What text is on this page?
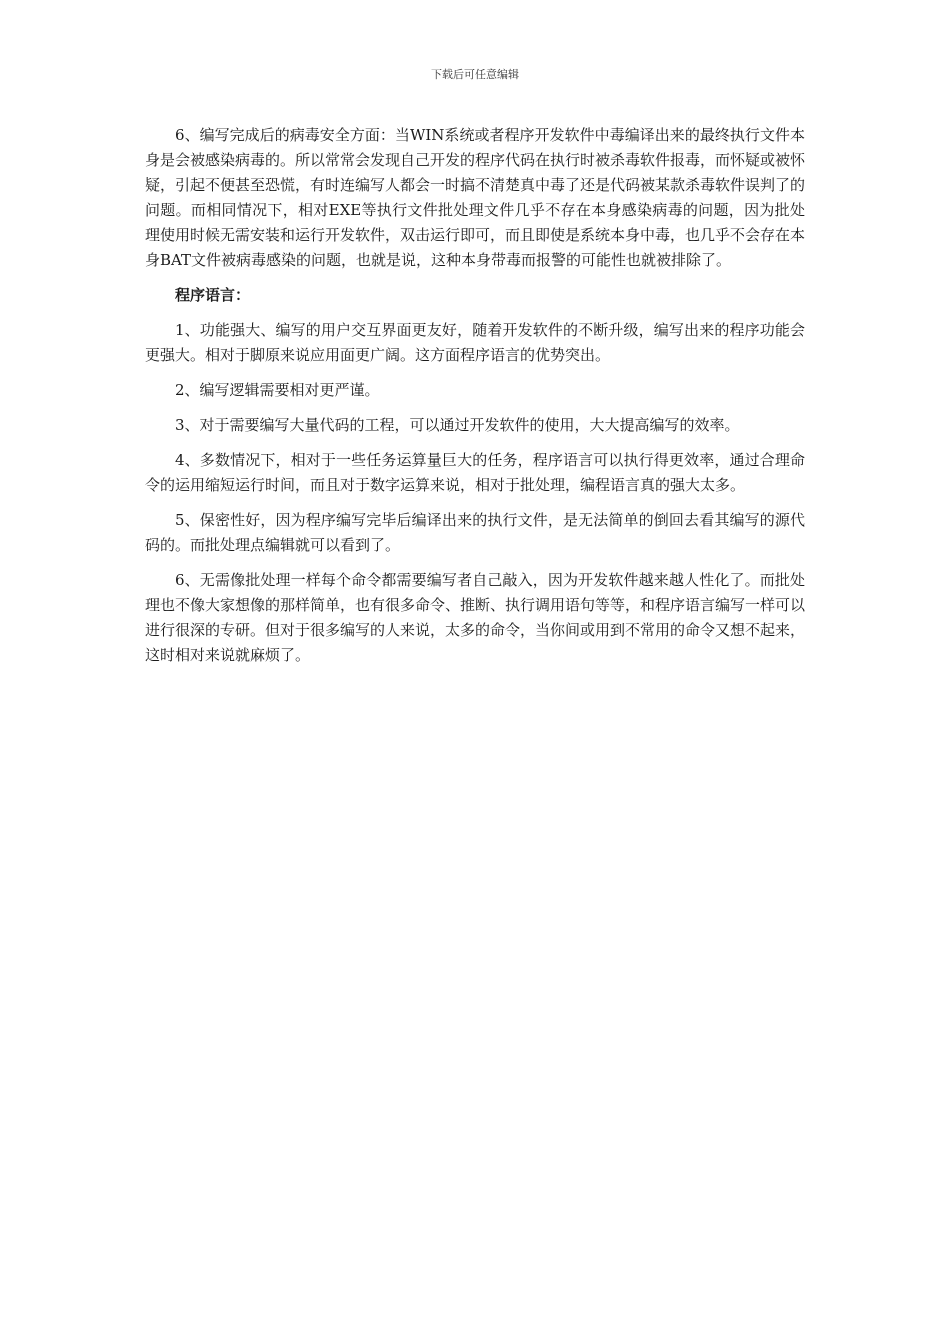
下载后可任意编辑

6、编写完成后的病毒安全方面：当WIN系统或者程序开发软件中毒编译出来的最终执行文件本身是会被感染病毒的。所以常常会发现自己开发的程序代码在执行时被杀毒软件报毒，而怀疑或被怀疑，引起不便甚至恐慌，有时连编写人都会一时搞不清楚真中毒了还是代码被某款杀毒软件误判了的问题。而相同情况下，相对EXE等执行文件批处理文件几乎不存在本身感染病毒的问题，因为批处理使用时候无需安装和运行开发软件，双击运行即可，而且即使是系统本身中毒，也几乎不会存在本身BAT文件被病毒感染的问题，也就是说，这种本身带毒而报警的可能性也就被排除了。

程序语言：

1、功能强大、编写的用户交互界面更友好，随着开发软件的不断升级，编写出来的程序功能会更强大。相对于脚原来说应用面更广阔。这方面程序语言的优势突出。

2、编写逻辑需要相对更严谨。

3、对于需要编写大量代码的工程，可以通过开发软件的使用，大大提高编写的效率。

4、多数情况下，相对于一些任务运算量巨大的任务，程序语言可以执行得更效率，通过合理命令的运用缩短运行时间，而且对于数字运算来说，相对于批处理，编程语言真的强大太多。

5、保密性好，因为程序编写完毕后编译出来的执行文件，是无法简单的倒回去看其编写的源代码的。而批处理点编辑就可以看到了。

6、无需像批处理一样每个命令都需要编写者自己敲入，因为开发软件越来越人性化了。而批处理也不像大家想像的那样简单，也有很多命令、推断、执行调用语句等等，和程序语言编写一样可以进行很深的专研。但对于很多编写的人来说，太多的命令，当你间或用到不常用的命令又想不起来，这时相对来说就麻烦了。
